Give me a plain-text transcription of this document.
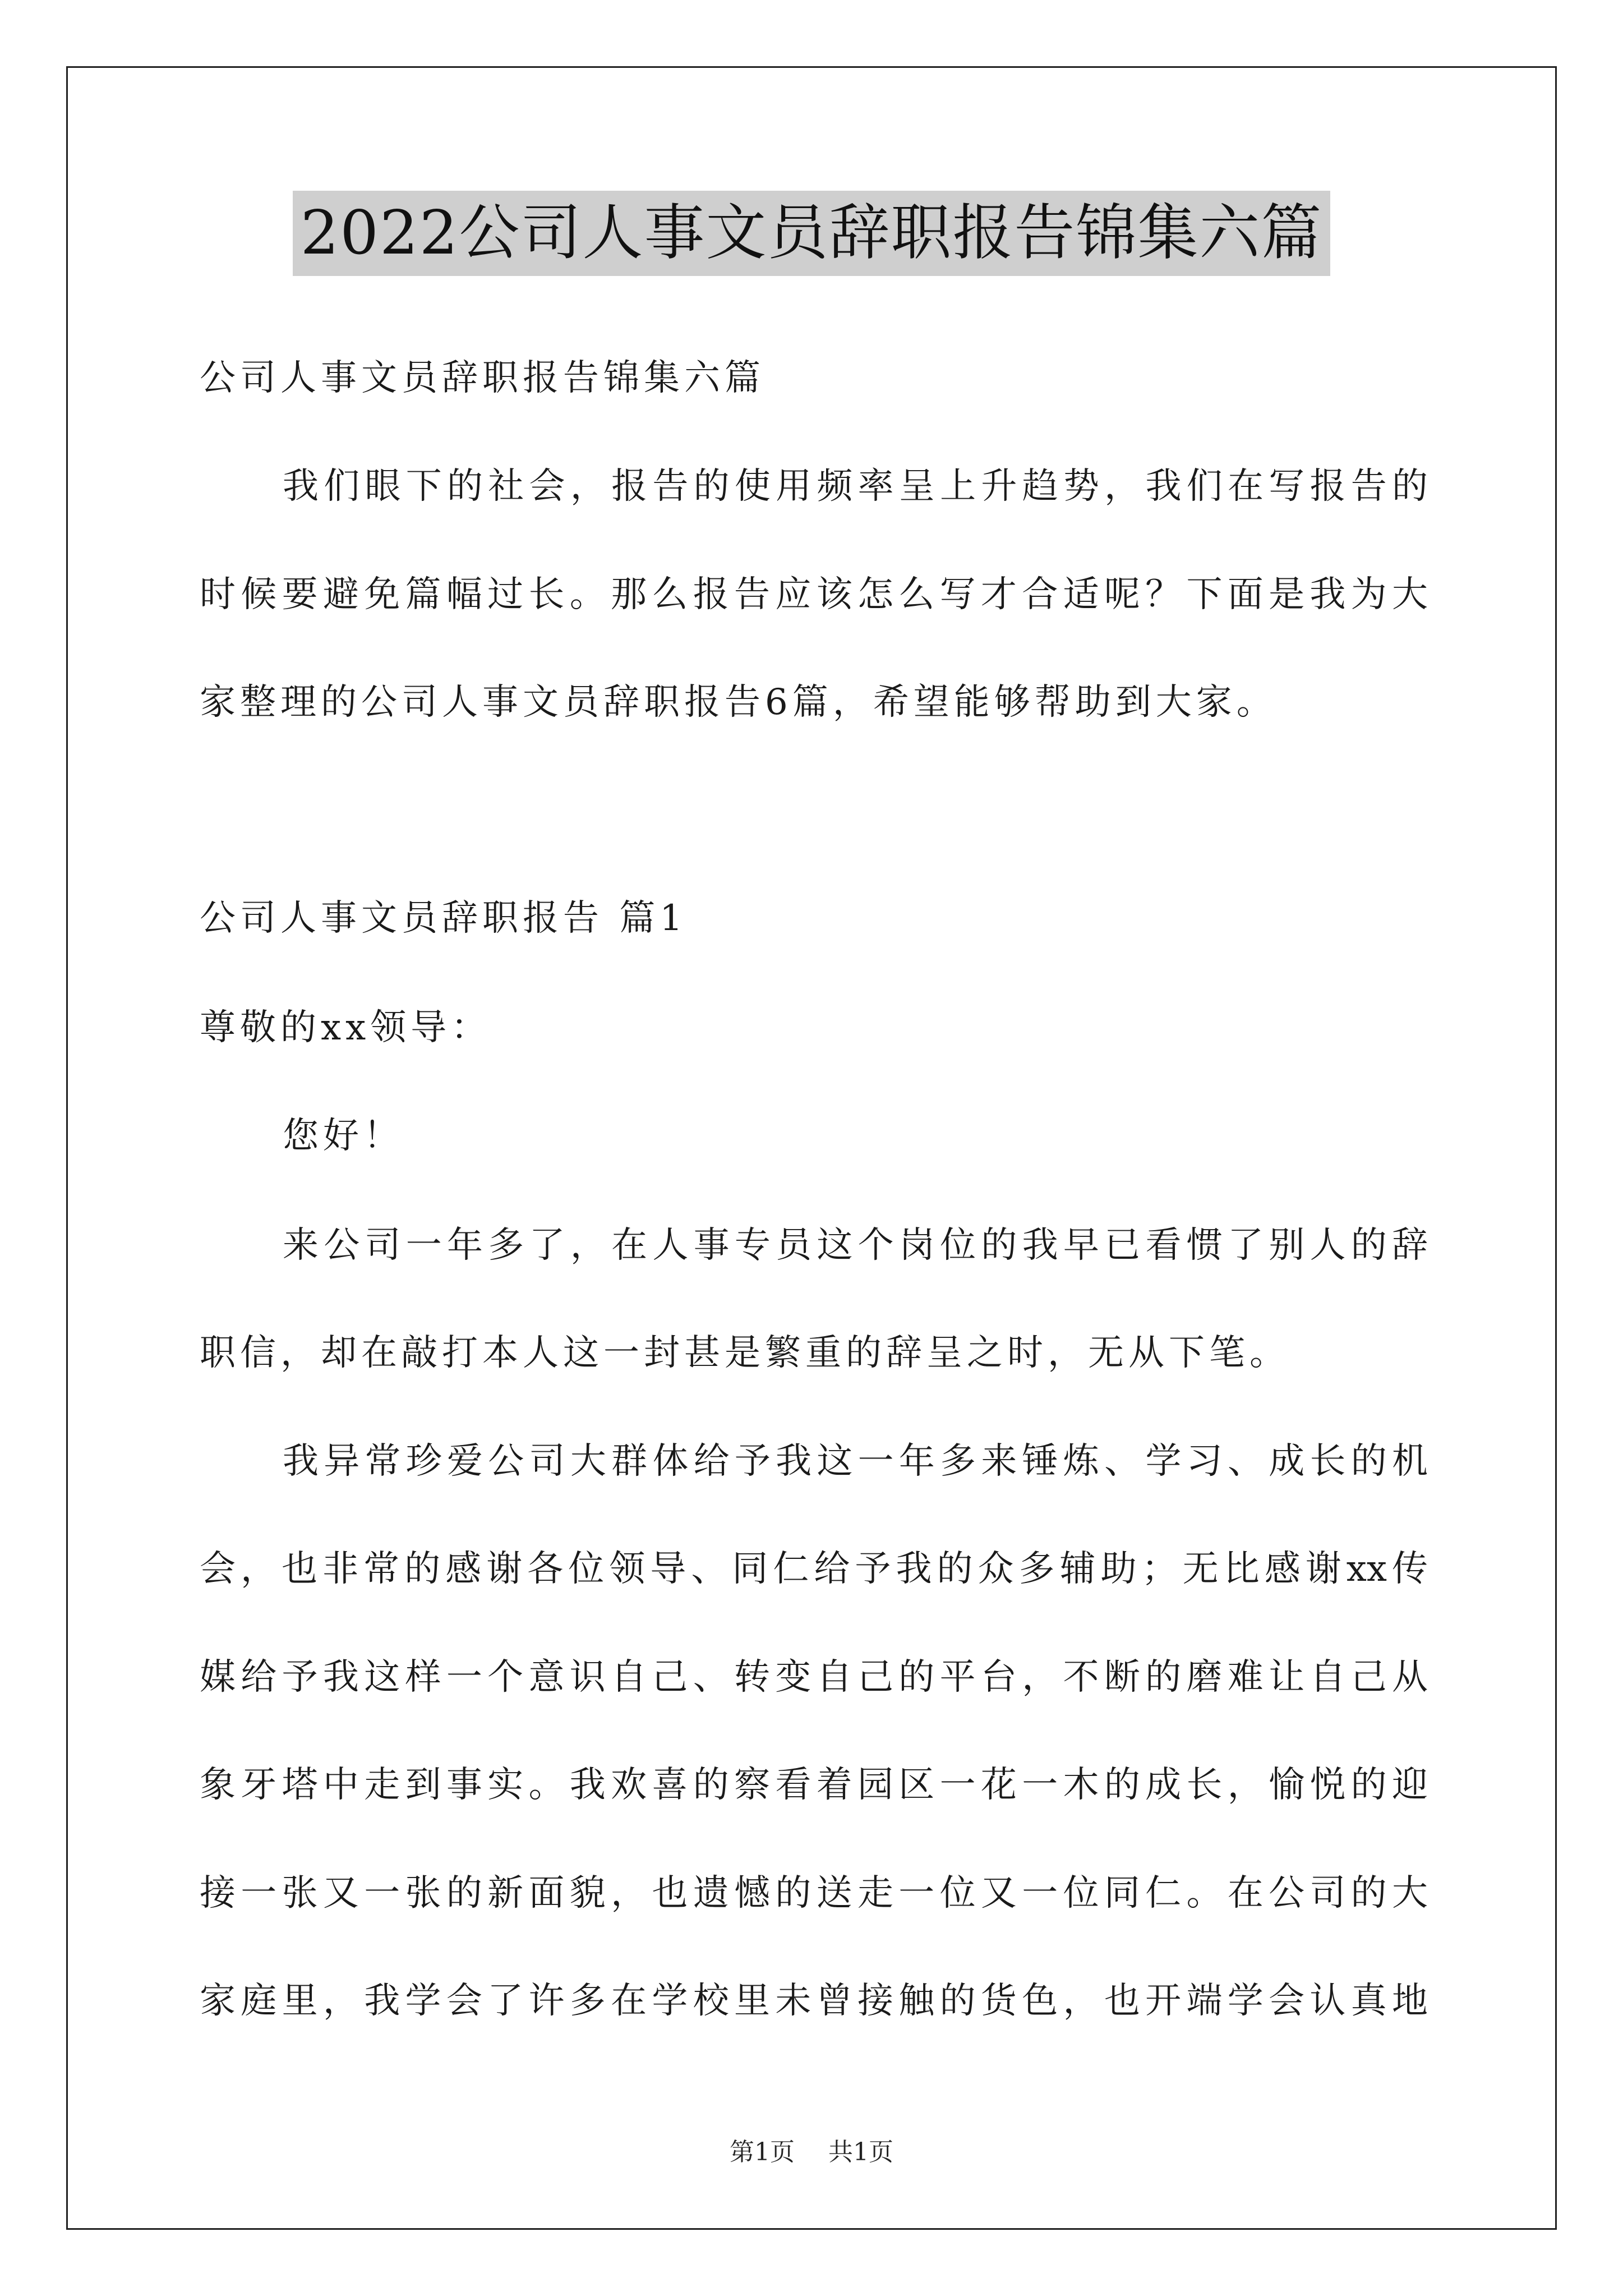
2022公司人事文员辞职报告锦集六篇
公司人事文员辞职报告锦集六篇
我们眼下的社会，报告的使用频率呈上升趋势，我们在写报告的
时候要避免篇幅过长。那么报告应该怎么写才合适呢？下面是我为大
家整理的公司人事文员辞职报告6篇，希望能够帮助到大家。
公司人事文员辞职报告 篇1
尊敬的xx领导：
您好！
来公司一年多了，在人事专员这个岗位的我早已看惯了别人的辞
职信，却在敲打本人这一封甚是繁重的辞呈之时，无从下笔。
我异常珍爱公司大群体给予我这一年多来锤炼、学习、成长的机
会，也非常的感谢各位领导、同仁给予我的众多辅助；无比感谢xx传
媒给予我这样一个意识自己、转变自己的平台，不断的磨难让自己从
象牙塔中走到事实。我欢喜的察看着园区一花一木的成长，愉悦的迎
接一张又一张的新面貌，也遗憾的送走一位又一位同仁。在公司的大
家庭里，我学会了许多在学校里未曾接触的货色，也开端学会认真地
第1页 共1页
